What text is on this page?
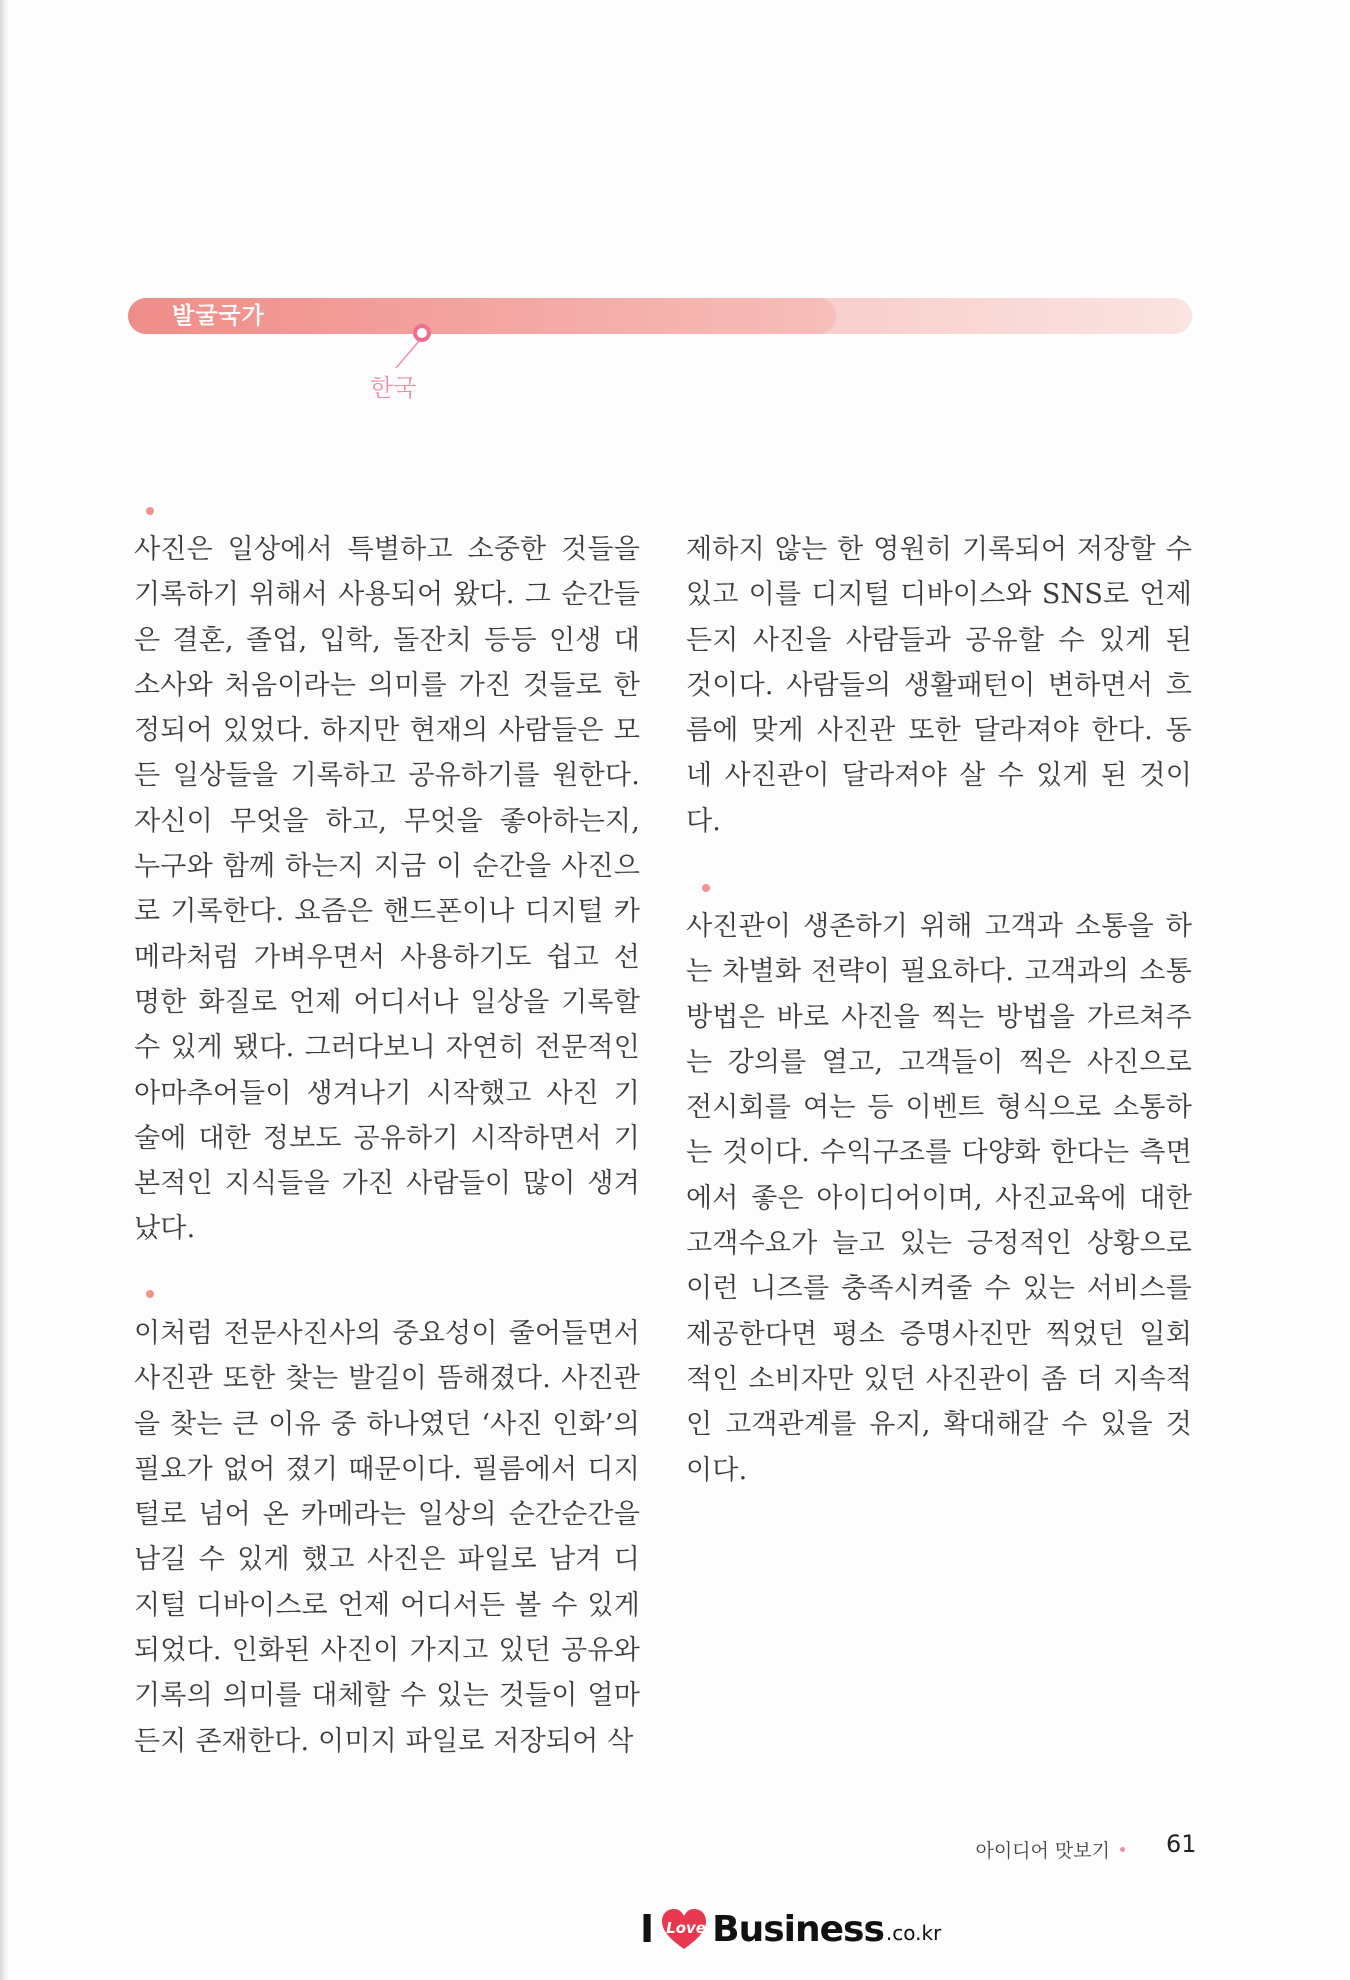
발굴국가
한국

사진은 일상에서 특별하고 소중한 것들을 기록하기 위해서 사용되어 왔다. 그 순간들은 결혼, 졸업, 입학, 돌잔치 등등 인생 대소사와 처음이라는 의미를 가진 것들로 한정되어 있었다. 하지만 현재의 사람들은 모든 일상들을 기록하고 공유하기를 원한다. 자신이 무엇을 하고, 무엇을 좋아하는지, 누구와 함께 하는지 지금 이 순간을 사진으로 기록한다. 요즘은 핸드폰이나 디지털 카메라처럼 가벼우면서 사용하기도 쉽고 선명한 화질로 언제 어디서나 일상을 기록할 수 있게 됐다. 그러다보니 자연히 전문적인 아마추어들이 생겨나기 시작했고 사진 기술에 대한 정보도 공유하기 시작하면서 기본적인 지식들을 가진 사람들이 많이 생겨났다.

이처럼 전문사진사의 중요성이 줄어들면서 사진관 또한 찾는 발길이 뜸해졌다. 사진관을 찾는 큰 이유 중 하나였던 ‘사진 인화’의 필요가 없어 졌기 때문이다. 필름에서 디지털로 넘어 온 카메라는 일상의 순간순간을 남길 수 있게 했고 사진은 파일로 남겨 디지털 디바이스로 언제 어디서든 볼 수 있게 되었다. 인화된 사진이 가지고 있던 공유와 기록의 의미를 대체할 수 있는 것들이 얼마든지 존재한다. 이미지 파일로 저장되어 삭

제하지 않는 한 영원히 기록되어 저장할 수 있고 이를 디지털 디바이스와 SNS로 언제든지 사진을 사람들과 공유할 수 있게 된 것이다. 사람들의 생활패턴이 변하면서 흐름에 맞게 사진관 또한 달라져야 한다. 동네 사진관이 달라져야 살 수 있게 된 것이다.

사진관이 생존하기 위해 고객과 소통을 하는 차별화 전략이 필요하다. 고객과의 소통방법은 바로 사진을 찍는 방법을 가르쳐주는 강의를 열고, 고객들이 찍은 사진으로 전시회를 여는 등 이벤트 형식으로 소통하는 것이다. 수익구조를 다양화 한다는 측면에서 좋은 아이디어이며, 사진교육에 대한 고객수요가 늘고 있는 긍정적인 상황으로 이런 니즈를 충족시켜줄 수 있는 서비스를 제공한다면 평소 증명사진만 찍었던 일회적인 소비자만 있던 사진관이 좀 더 지속적인 고객관계를 유지, 확대해갈 수 있을 것이다.

아이디어 맛보기	61
I Love Business .co.kr
